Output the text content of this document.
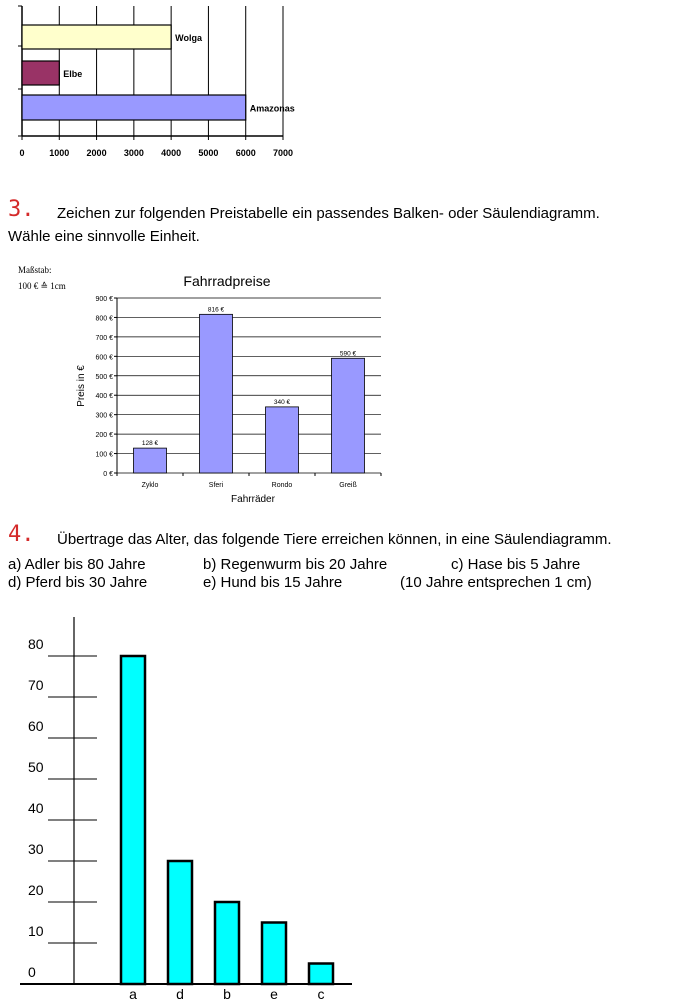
0	1000 2000 3000 4000 5000 6000 7000
Wolga
Elbe
Amazonas
3. Zeichen zur folgenden Preistabelle ein passendes Balken- oder Säulendiagramm.
Wähle eine sinnvolle Einheit.
Maßstab:
100 € ≙ 1cm	Fahrradpreise
0 €
100 €
200 €
300 €
400 €
500 €
600 €
700 €
800 €
900 €
128 €
Zyklo
816 €
Sferi
340 €
Rondo
590 €
Greiß
Fahrräder
Preis in €
4. Übertrage das Alter, das folgende Tiere erreichen können, in eine Säulendiagramm.
a) Adler bis 80 Jahre	b) Regenwurm bis 20 Jahre	c) Hase bis 5 Jahre
d) Pferd bis 30 Jahre	e) Hund bis 15 Jahre	(10 Jahre entsprechen 1 cm)
0
10
20
30
40
50
60
70
80
a	d	b	e	c
